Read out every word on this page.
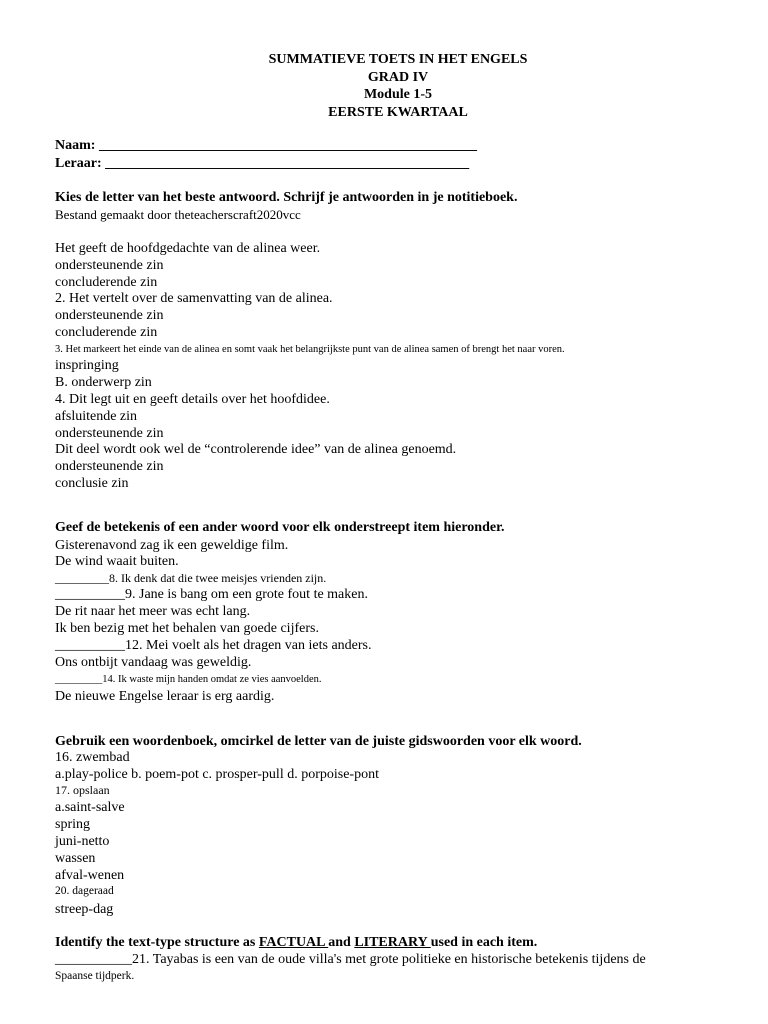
SUMMATIEVE TOETS IN HET ENGELS
GRAD IV
Module 1-5
EERSTE KWARTAAL
Naam: ______________________________________________________
Leraar: ____________________________________________________
Kies de letter van het beste antwoord. Schrijf je antwoorden in je notitieboek.
Bestand gemaakt door theteacherscraft2020vcc
Het geeft de hoofdgedachte van de alinea weer.
ondersteunende zin
concluderende zin
2. Het vertelt over de samenvatting van de alinea.
ondersteunende zin
concluderende zin
3. Het markeert het einde van de alinea en somt vaak het belangrijkste punt van de alinea samen of brengt het naar voren.
inspringing
B. onderwerp zin
4. Dit legt uit en geeft details over het hoofdidee.
afsluitende zin
ondersteunende zin
Dit deel wordt ook wel de “controlerende idee” van de alinea genoemd.
ondersteunende zin
conclusie zin
Geef de betekenis of een ander woord voor elk onderstreept item hieronder.
Gisterenavond zag ik een geweldige film.
De wind waait buiten.
_________8. Ik denk dat die twee meisjes vrienden zijn.
__________9. Jane is bang om een grote fout te maken.
De rit naar het meer was echt lang.
Ik ben bezig met het behalen van goede cijfers.
__________12. Mei voelt als het dragen van iets anders.
Ons ontbijt vandaag was geweldig.
_________14. Ik waste mijn handen omdat ze vies aanvoelden.
De nieuwe Engelse leraar is erg aardig.
Gebruik een woordenboek, omcirkel de letter van de juiste gidswoorden voor elk woord.
16. zwembad
a.play-police b. poem-pot c. prosper-pull d. porpoise-pont
17. opslaan
a.saint-salve
spring
juni-netto
wassen
afval-wenen
20. dageraad
streep-dag
Identify the text-type structure as FACTUAL and LITERARY used in each item.
___________21. Tayabas is een van de oude villa's met grote politieke en historische betekenis tijdens de
Spaanse tijdperk.
